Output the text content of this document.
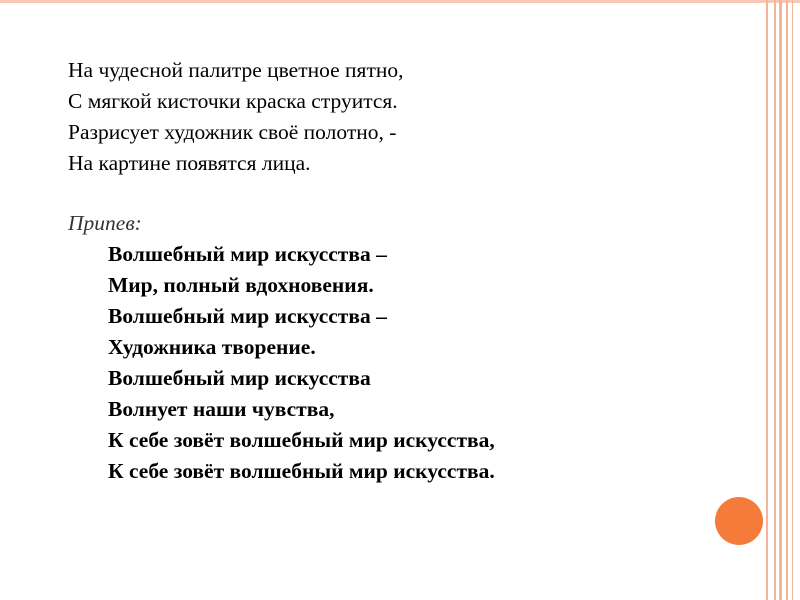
На чудесной палитре цветное пятно,
С мягкой кисточки краска струится.
Разрисует художник своё полотно, -
На картине появятся лица.
Припев:
Волшебный мир искусства –
Мир, полный вдохновения.
Волшебный мир искусства –
Художника творение.
Волшебный мир искусства
Волнует наши чувства,
К себе зовёт волшебный мир искусства,
К себе зовёт волшебный мир искусства.
